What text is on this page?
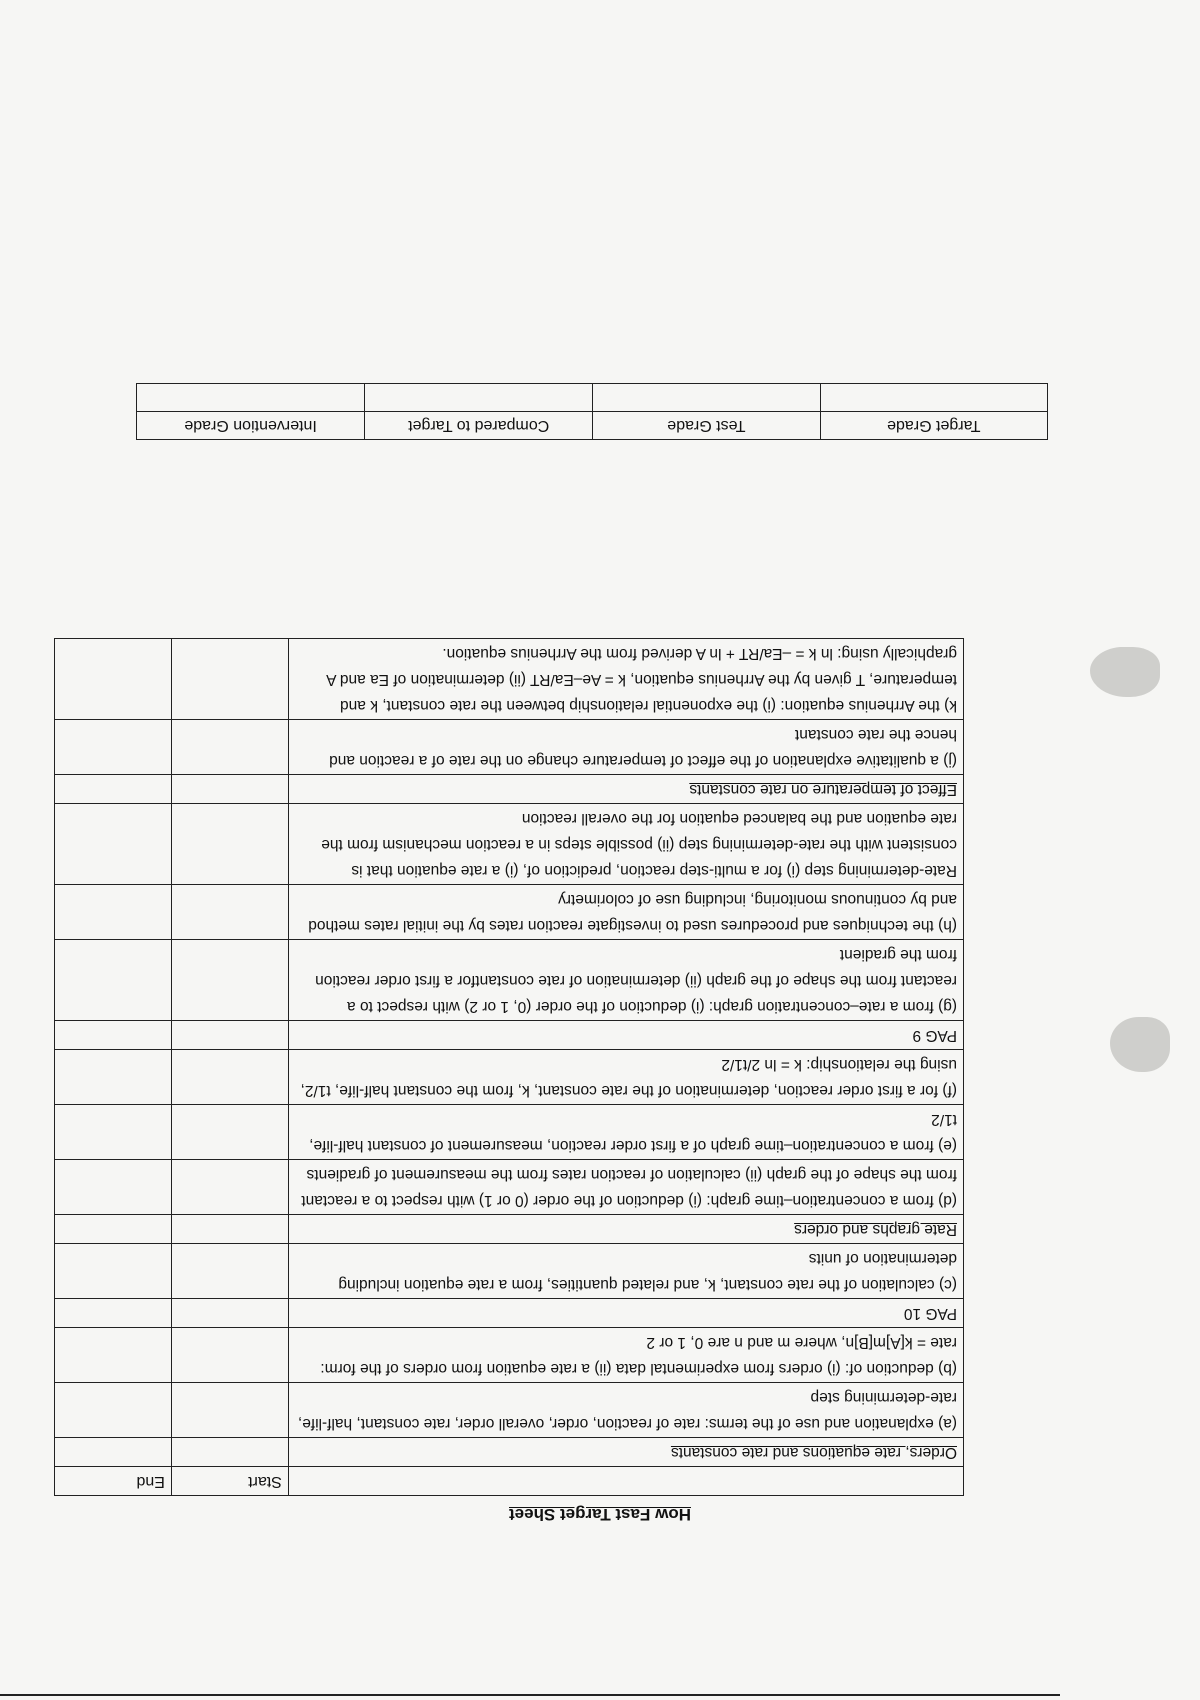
How Fast Target Sheet
	Start	End
Orders, rate equations and rate constants		
(a) explanation and use of the terms: rate of reaction, order, overall order, rate constant, half-life, rate-determining step		
(b) deduction of: (i) orders from experimental data (ii) a rate equation from orders of the form: rate = k[A]m[B]n, where m and n are 0, 1 or 2		
PAG 10		
(c) calculation of the rate constant, k, and related quantities, from a rate equation including determination of units		
Rate graphs and orders		
(d) from a concentration–time graph: (i) deduction of the order (0 or 1) with respect to a reactant from the shape of the graph (ii) calculation of reaction rates from the measurement of gradients		
(e) from a concentration–time graph of a first order reaction, measurement of constant half-life, t1/2		
(f) for a first order reaction, determination of the rate constant, k, from the constant half-life, t1/2, using the relationship: k = ln 2/t1/2		
PAG 9		
(g) from a rate–concentration graph: (i) deduction of the order (0, 1 or 2) with respect to a reactant from the shape of the graph (ii) determination of rate constantfor a first order reaction from the gradient		
(h) the techniques and procedures used to investigate reaction rates by the initial rates method and by continuous monitoring, including use of colorimetry		
Rate-determining step (i) for a multi-step reaction, prediction of, (i) a rate equation that is consistent with the rate-determining step (ii) possible steps in a reaction mechanism from the rate equation and the balanced equation for the overall reaction		
Effect of temperature on rate constants		
(j) a qualitative explanation of the effect of temperature change on the rate of a reaction and hence the rate constant		
k) the Arrhenius equation: (i) the exponential relationship between the rate constant, k and temperature, T given by the Arrhenius equation, k = Ae–Ea/RT (ii) determination of Ea and A graphically using: ln k = –Ea/RT + ln A derived from the Arrhenius equation.		
Target Grade	Test Grade	Compared to Target	Intervention Grade
